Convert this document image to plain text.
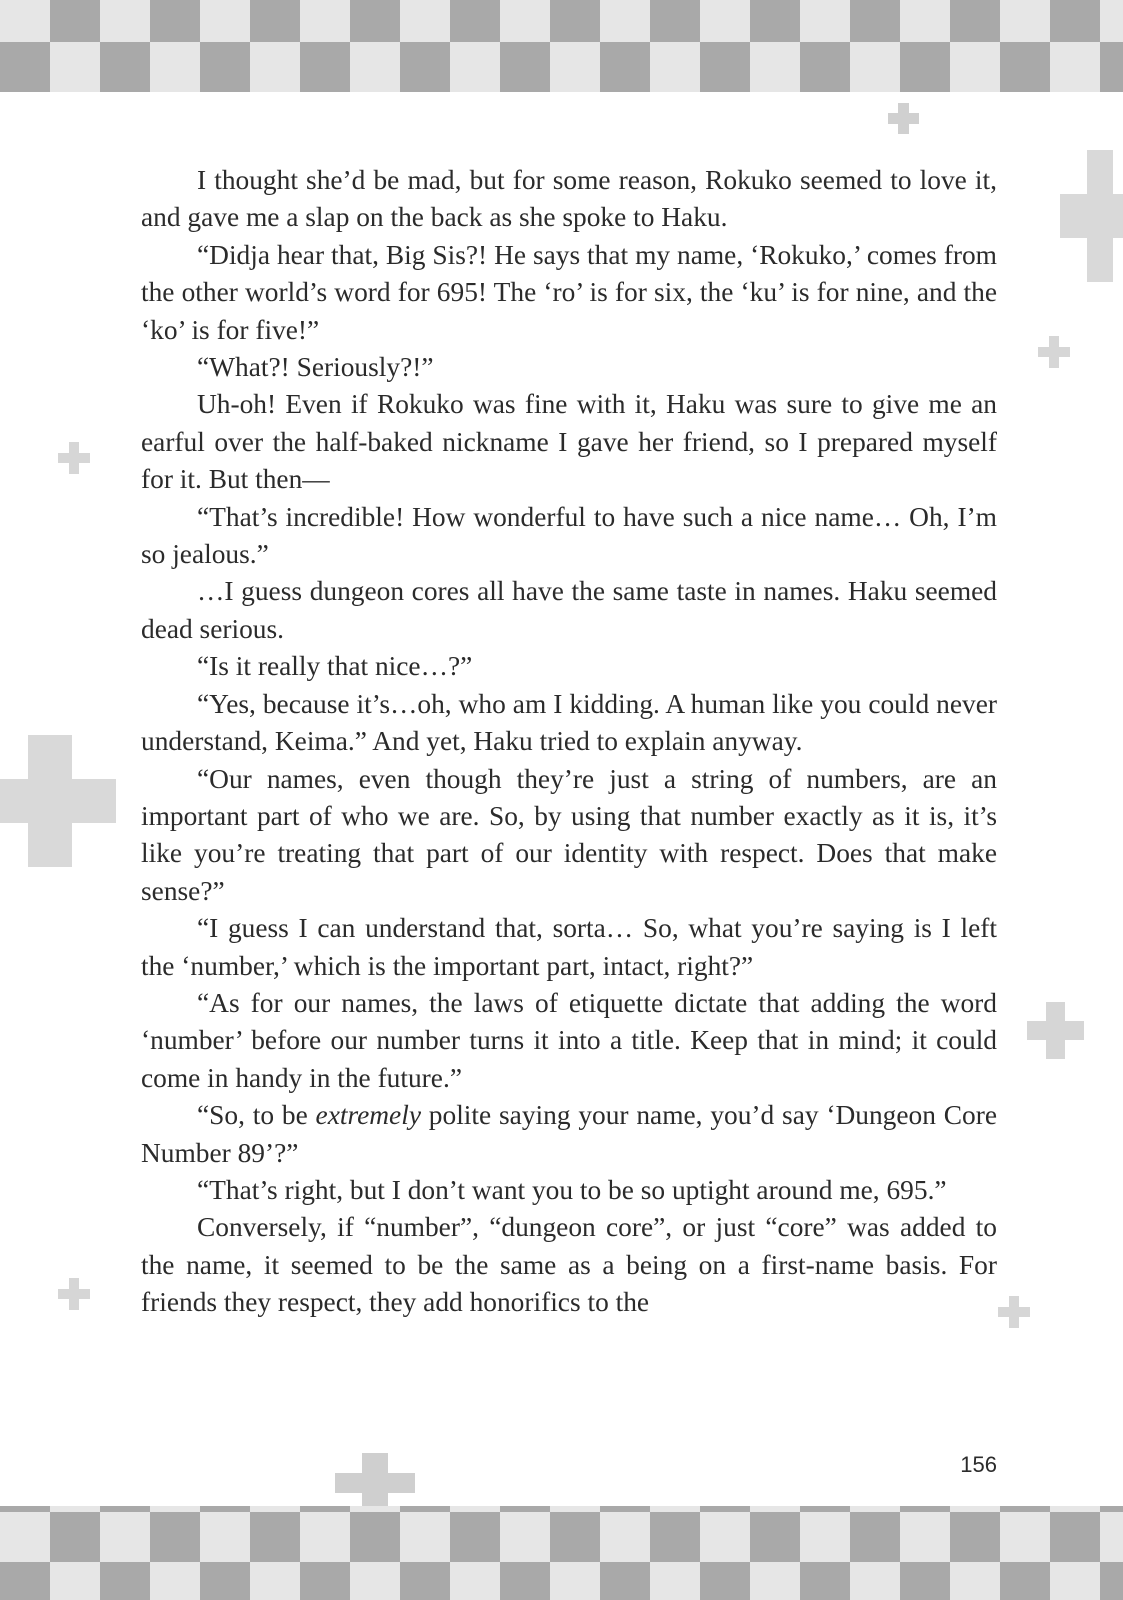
I thought she’d be mad, but for some reason, Rokuko seemed to love it, and gave me a slap on the back as she spoke to Haku.

“Didja hear that, Big Sis?! He says that my name, ‘Rokuko,’ comes from the other world’s word for 695! The ‘ro’ is for six, the ‘ku’ is for nine, and the ‘ko’ is for five!”

“What?! Seriously?!”

Uh-oh! Even if Rokuko was fine with it, Haku was sure to give me an earful over the half-baked nickname I gave her friend, so I prepared myself for it. But then—

“That’s incredible! How wonderful to have such a nice name… Oh, I’m so jealous.”

…I guess dungeon cores all have the same taste in names. Haku seemed dead serious.

“Is it really that nice…?”

“Yes, because it’s…oh, who am I kidding. A human like you could never understand, Keima.” And yet, Haku tried to explain anyway.

“Our names, even though they’re just a string of numbers, are an important part of who we are. So, by using that number exactly as it is, it’s like you’re treating that part of our identity with respect. Does that make sense?”

“I guess I can understand that, sorta… So, what you’re saying is I left the ‘number,’ which is the important part, intact, right?”

“As for our names, the laws of etiquette dictate that adding the word ‘number’ before our number turns it into a title. Keep that in mind; it could come in handy in the future.”

“So, to be extremely polite saying your name, you’d say ‘Dungeon Core Number 89’?”

“That’s right, but I don’t want you to be so uptight around me, 695.”

Conversely, if “number”, “dungeon core”, or just “core” was added to the name, it seemed to be the same as a being on a first-name basis. For friends they respect, they add honorifics to the

156
